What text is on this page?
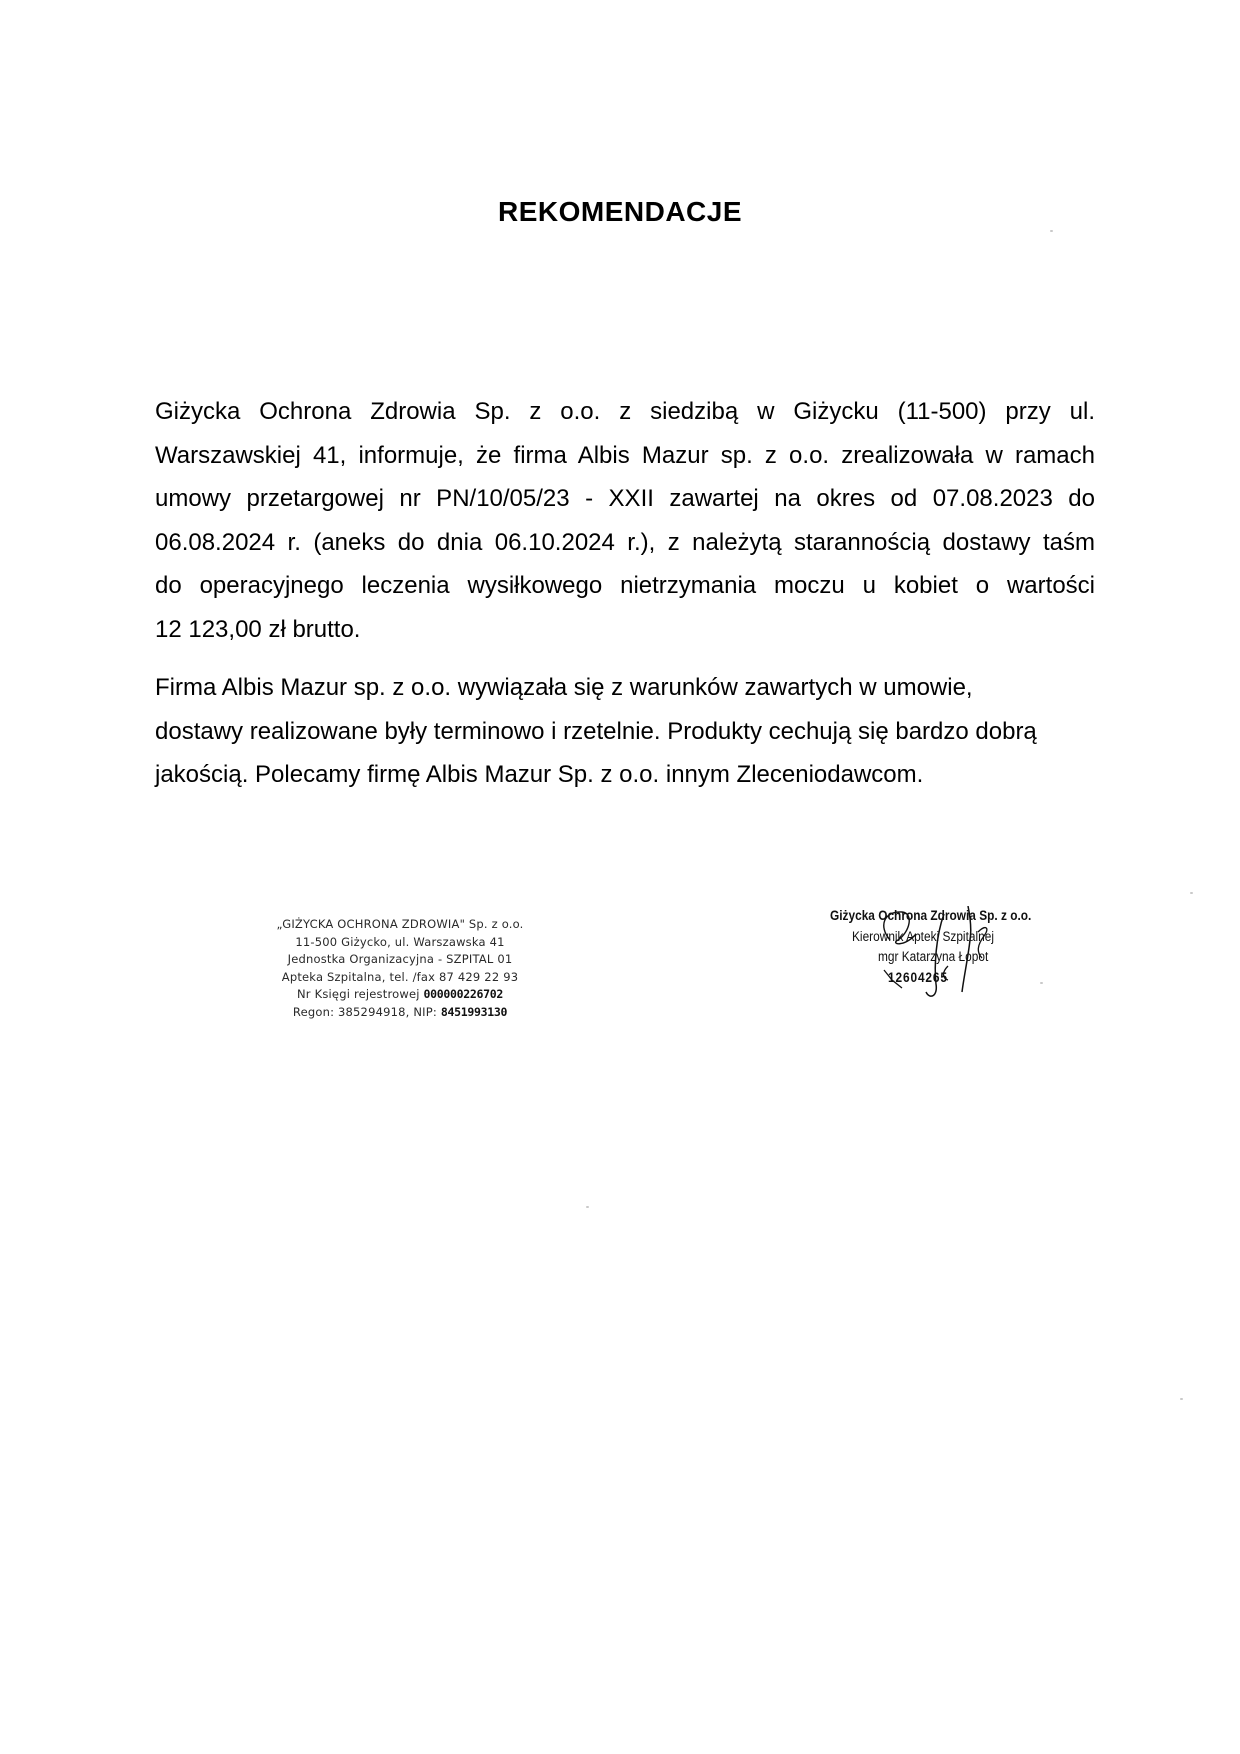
REKOMENDACJE
Giżycka Ochrona Zdrowia Sp. z o.o. z siedzibą w Giżycku (11-500) przy ul.
Warszawskiej 41, informuje, że firma Albis Mazur sp. z o.o. zrealizowała w ramach
umowy przetargowej nr PN/10/05/23 - XXII zawartej na okres od 07.08.2023 do
06.08.2024 r. (aneks do dnia 06.10.2024 r.), z należytą starannością dostawy taśm
do operacyjnego leczenia wysiłkowego nietrzymania moczu u kobiet o wartości
12 123,00 zł brutto.
Firma Albis Mazur sp. z o.o. wywiązała się z warunków zawartych w umowie,
dostawy realizowane były terminowo i rzetelnie. Produkty cechują się bardzo dobrą
jakością. Polecamy firmę Albis Mazur Sp. z o.o. innym Zleceniodawcom.
„GIŻYCKA OCHRONA ZDROWIA" Sp. z o.o.
11-500 Giżycko, ul. Warszawska 41
Jednostka Organizacyjna - SZPITAL 01
Apteka Szpitalna, tel. /fax 87 429 22 93
Nr Księgi rejestrowej 000000226702
Regon: 385294918, NIP: 8451993130
Giżycka Ochrona Zdrowia Sp. z o.o.
Kierownik Apteki Szpitalnej
mgr Katarzyna Łopot
12604265
